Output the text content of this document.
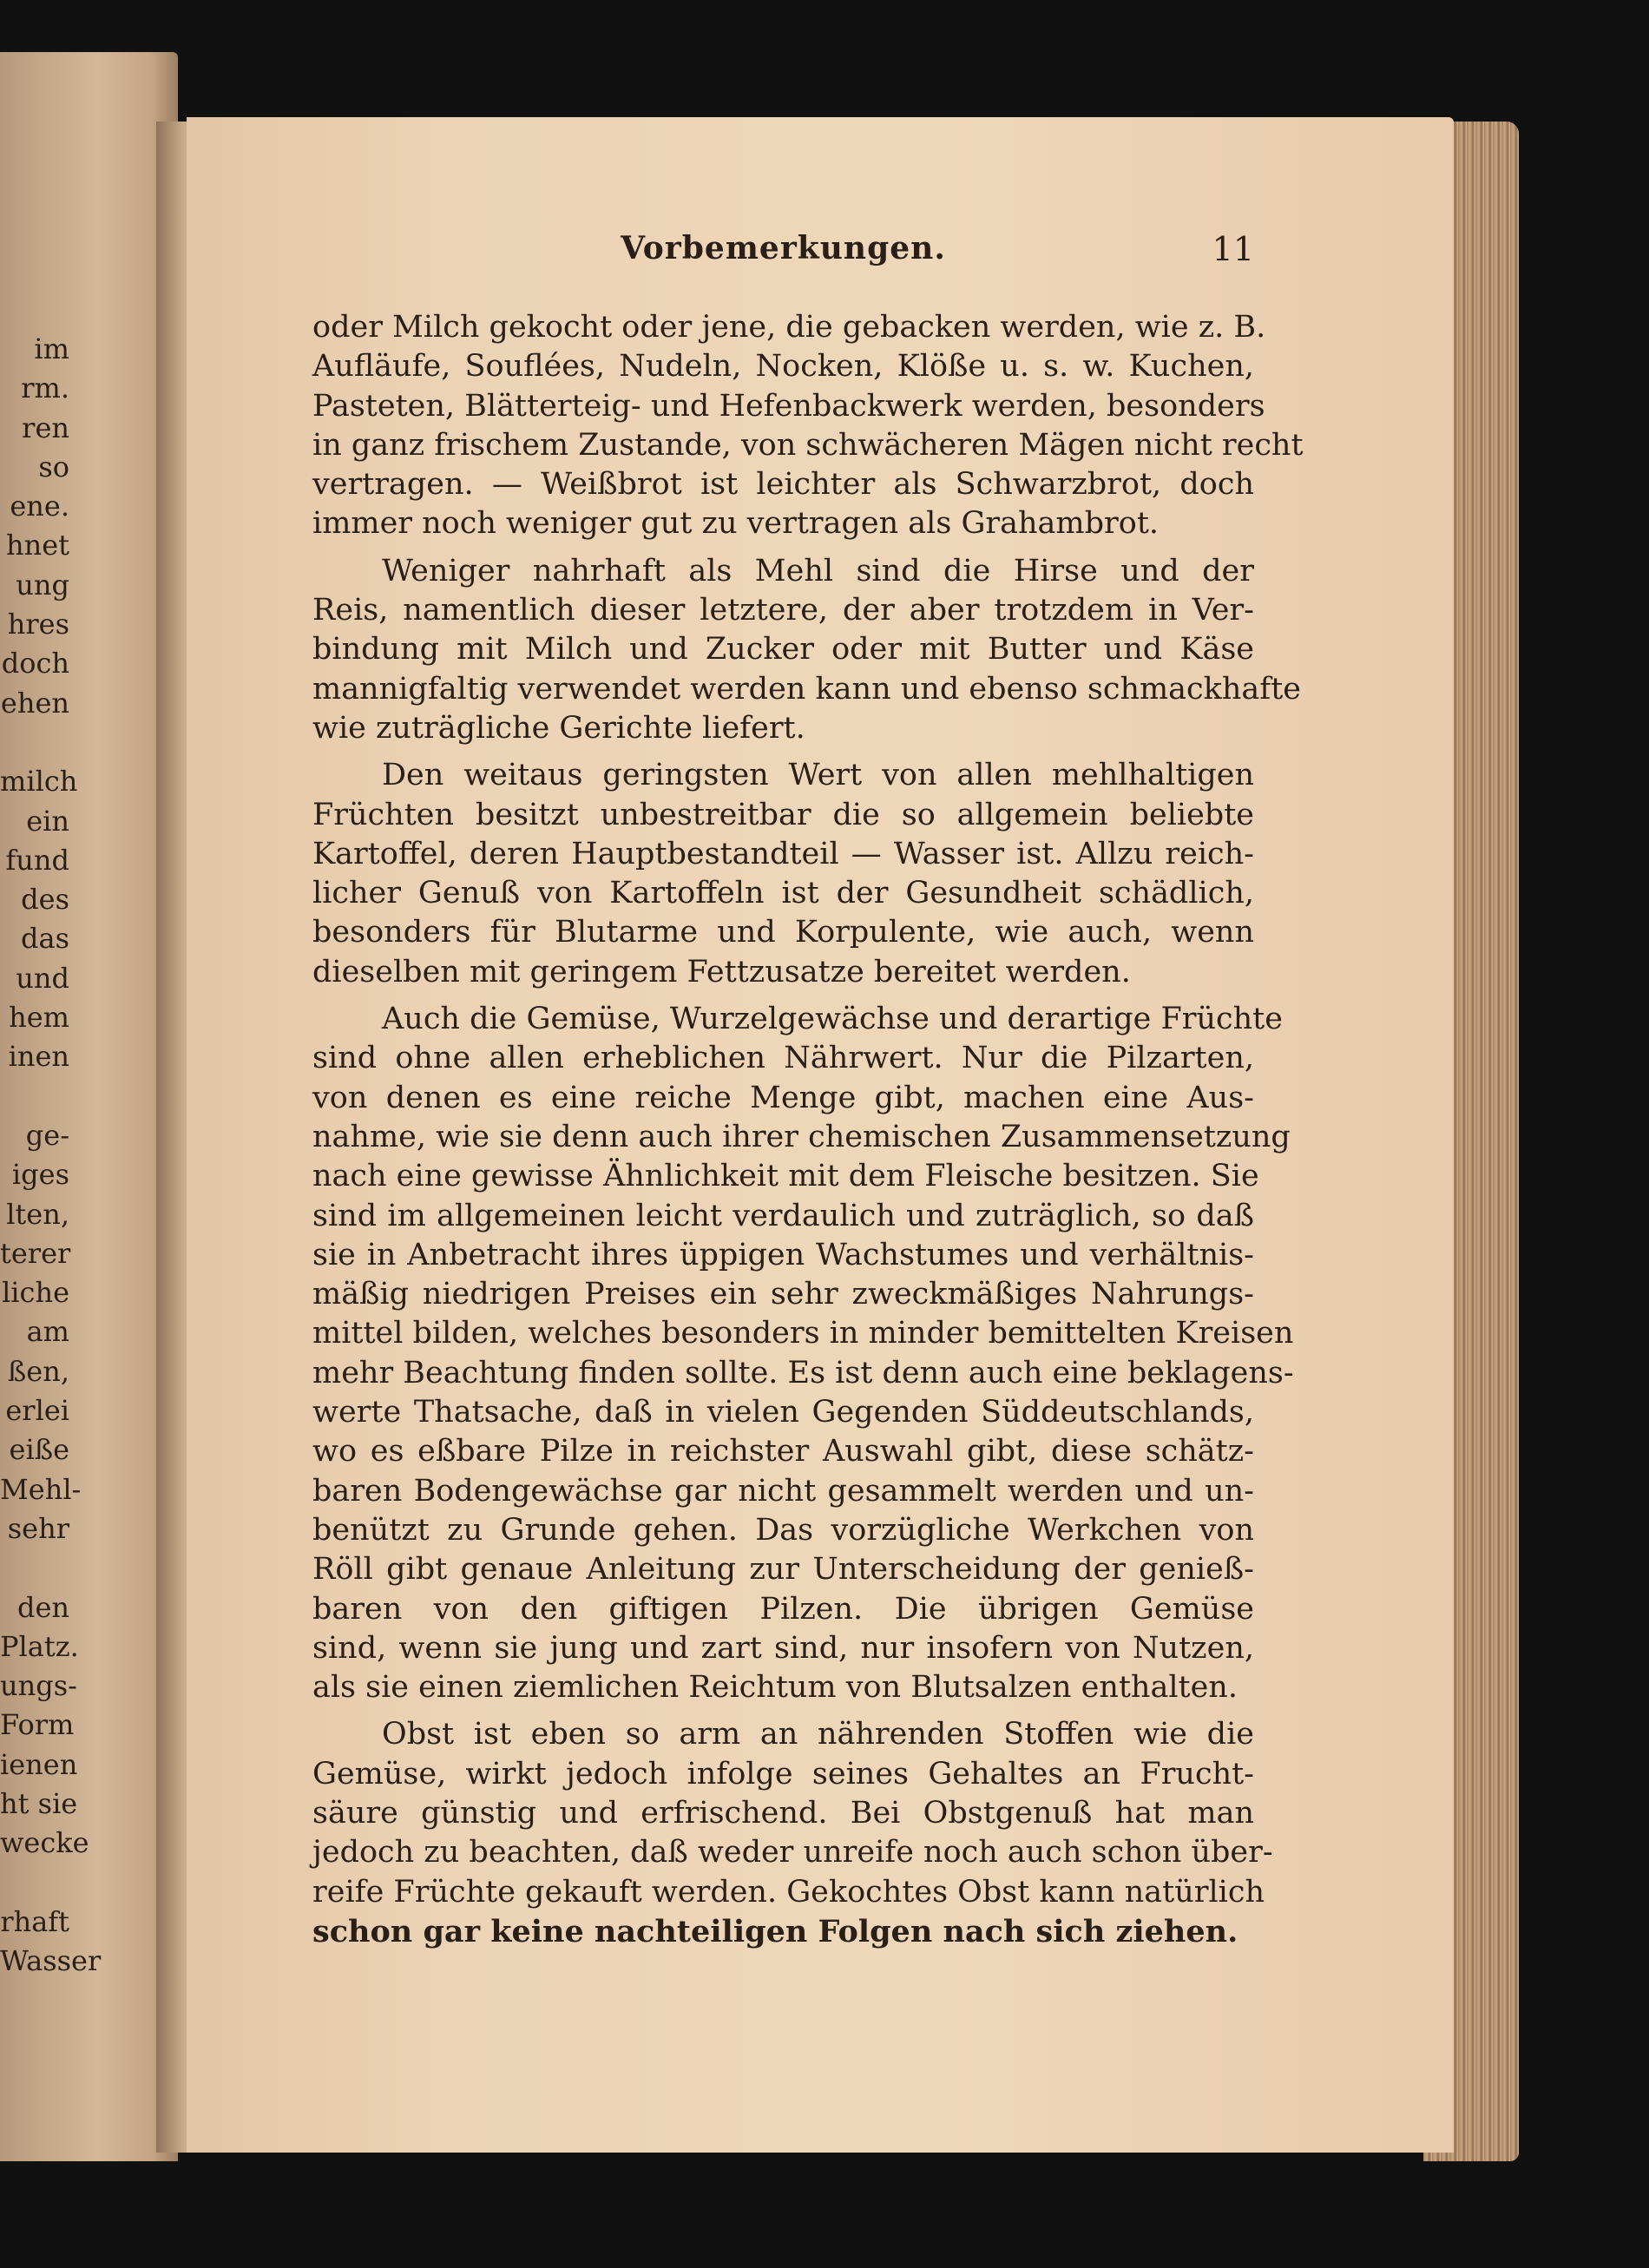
im
rm.
ren
so
ene.
hnet
ung
hres
doch
ehen

milch
ein
fund
des
das
und
hem
inen

ge-
iges
lten,
terer
liche
am
ßen,
erlei
eiße
Mehl-
sehr

den
Platz.
ungs-
Form
ienen
ht sie
wecke

rhaft
Wasser
Vorbemerkungen.	11
oder Milch gekocht oder jene, die gebacken werden, wie z. B.
Aufläufe, Souflées, Nudeln, Nocken, Klöße u. s. w. Kuchen,
Pasteten, Blätterteig- und Hefenbackwerk werden, besonders
in ganz frischem Zustande, von schwächeren Mägen nicht recht
vertragen. — Weißbrot ist leichter als Schwarzbrot, doch
immer noch weniger gut zu vertragen als Grahambrot.
Weniger nahrhaft als Mehl sind die Hirse und der
Reis, namentlich dieser letztere, der aber trotzdem in Ver-
bindung mit Milch und Zucker oder mit Butter und Käse
mannigfaltig verwendet werden kann und ebenso schmackhafte
wie zuträgliche Gerichte liefert.
Den weitaus geringsten Wert von allen mehlhaltigen
Früchten besitzt unbestreitbar die so allgemein beliebte
Kartoffel, deren Hauptbestandteil — Wasser ist. Allzu reich-
licher Genuß von Kartoffeln ist der Gesundheit schädlich,
besonders für Blutarme und Korpulente, wie auch, wenn
dieselben mit geringem Fettzusatze bereitet werden.
Auch die Gemüse, Wurzelgewächse und derartige Früchte
sind ohne allen erheblichen Nährwert. Nur die Pilzarten,
von denen es eine reiche Menge gibt, machen eine Aus-
nahme, wie sie denn auch ihrer chemischen Zusammensetzung
nach eine gewisse Ähnlichkeit mit dem Fleische besitzen. Sie
sind im allgemeinen leicht verdaulich und zuträglich, so daß
sie in Anbetracht ihres üppigen Wachstumes und verhältnis-
mäßig niedrigen Preises ein sehr zweckmäßiges Nahrungs-
mittel bilden, welches besonders in minder bemittelten Kreisen
mehr Beachtung finden sollte. Es ist denn auch eine beklagens-
werte Thatsache, daß in vielen Gegenden Süddeutschlands,
wo es eßbare Pilze in reichster Auswahl gibt, diese schätz-
baren Bodengewächse gar nicht gesammelt werden und un-
benützt zu Grunde gehen. Das vorzügliche Werkchen von
Röll gibt genaue Anleitung zur Unterscheidung der genieß-
baren von den giftigen Pilzen. Die übrigen Gemüse
sind, wenn sie jung und zart sind, nur insofern von Nutzen,
als sie einen ziemlichen Reichtum von Blutsalzen enthalten.
Obst ist eben so arm an nährenden Stoffen wie die
Gemüse, wirkt jedoch infolge seines Gehaltes an Frucht-
säure günstig und erfrischend. Bei Obstgenuß hat man
jedoch zu beachten, daß weder unreife noch auch schon über-
reife Früchte gekauft werden. Gekochtes Obst kann natürlich
schon gar keine nachteiligen Folgen nach sich ziehen.
